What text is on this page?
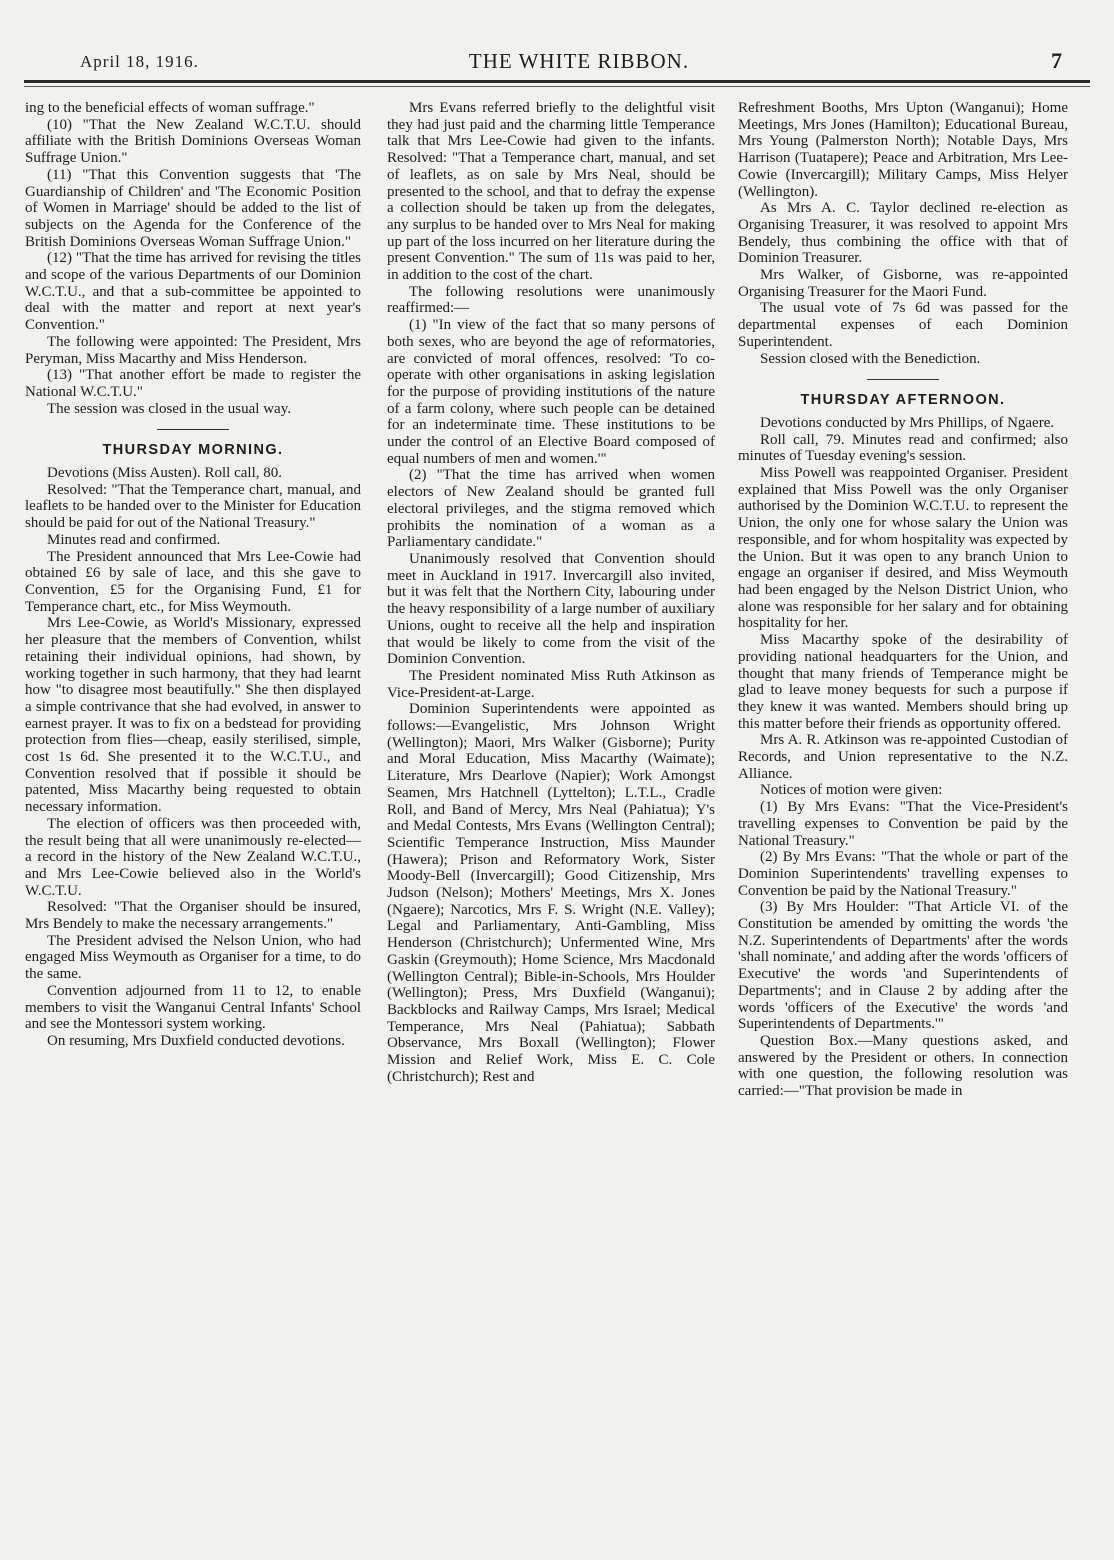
April 18, 1916.	THE WHITE RIBBON.	7

ing to the beneficial effects of woman suffrage."

(10) "That the New Zealand W.C.T.U. should affiliate with the British Dominions Overseas Woman Suffrage Union."

(11) "That this Convention suggests that 'The Guardianship of Children' and 'The Economic Position of Women in Marriage' should be added to the list of subjects on the Agenda for the Conference of the British Dominions Overseas Woman Suffrage Union."

(12) "That the time has arrived for revising the titles and scope of the various Departments of our Dominion W.C.T.U., and that a sub-committee be appointed to deal with the matter and report at next year's Convention."

The following were appointed: The President, Mrs Peryman, Miss Macarthy and Miss Henderson.

(13) "That another effort be made to register the National W.C.T.U."

The session was closed in the usual way.

THURSDAY MORNING.

Devotions (Miss Austen). Roll call, 80.

Resolved: "That the Temperance chart, manual, and leaflets to be handed over to the Minister for Education should be paid for out of the National Treasury."

Minutes read and confirmed.

The President announced that Mrs Lee-Cowie had obtained £6 by sale of lace, and this she gave to Convention, £5 for the Organising Fund, £1 for Temperance chart, etc., for Miss Weymouth.

Mrs Lee-Cowie, as World's Missionary, expressed her pleasure that the members of Convention, whilst retaining their individual opinions, had shown, by working together in such harmony, that they had learnt how "to disagree most beautifully." She then displayed a simple contrivance that she had evolved, in answer to earnest prayer. It was to fix on a bedstead for providing protection from flies—cheap, easily sterilised, simple, cost 1s 6d. She presented it to the W.C.T.U., and Convention resolved that if possible it should be patented, Miss Macarthy being requested to obtain necessary information.

The election of officers was then proceeded with, the result being that all were unanimously re-elected—a record in the history of the New Zealand W.C.T.U., and Mrs Lee-Cowie believed also in the World's W.C.T.U.

Resolved: "That the Organiser should be insured, Mrs Bendely to make the necessary arrangements."

The President advised the Nelson Union, who had engaged Miss Weymouth as Organiser for a time, to do the same.

Convention adjourned from 11 to 12, to enable members to visit the Wanganui Central Infants' School and see the Montessori system working.

On resuming, Mrs Duxfield conducted devotions.

Mrs Evans referred briefly to the delightful visit they had just paid and the charming little Temperance talk that Mrs Lee-Cowie had given to the infants. Resolved: "That a Temperance chart, manual, and set of leaflets, as on sale by Mrs Neal, should be presented to the school, and that to defray the expense a collection should be taken up from the delegates, any surplus to be handed over to Mrs Neal for making up part of the loss incurred on her literature during the present Convention." The sum of 11s was paid to her, in addition to the cost of the chart.

The following resolutions were unanimously reaffirmed:—

(1) "In view of the fact that so many persons of both sexes, who are beyond the age of reformatories, are convicted of moral offences, resolved: 'To co-operate with other organisations in asking legislation for the purpose of providing institutions of the nature of a farm colony, where such people can be detained for an indeterminate time. These institutions to be under the control of an Elective Board composed of equal numbers of men and women.'"

(2) "That the time has arrived when women electors of New Zealand should be granted full electoral privileges, and the stigma removed which prohibits the nomination of a woman as a Parliamentary candidate."

Unanimously resolved that Convention should meet in Auckland in 1917. Invercargill also invited, but it was felt that the Northern City, labouring under the heavy responsibility of a large number of auxiliary Unions, ought to receive all the help and inspiration that would be likely to come from the visit of the Dominion Convention.

The President nominated Miss Ruth Atkinson as Vice-President-at-Large.

Dominion Superintendents were appointed as follows:—Evangelistic, Mrs Johnson Wright (Wellington); Maori, Mrs Walker (Gisborne); Purity and Moral Education, Miss Macarthy (Waimate); Literature, Mrs Dearlove (Napier); Work Amongst Seamen, Mrs Hatchnell (Lyttelton); L.T.L., Cradle Roll, and Band of Mercy, Mrs Neal (Pahiatua); Y's and Medal Contests, Mrs Evans (Wellington Central); Scientific Temperance Instruction, Miss Maunder (Hawera); Prison and Reformatory Work, Sister Moody-Bell (Invercargill); Good Citizenship, Mrs Judson (Nelson); Mothers' Meetings, Mrs X. Jones (Ngaere); Narcotics, Mrs F. S. Wright (N.E. Valley); Legal and Parliamentary, Anti-Gambling, Miss Henderson (Christchurch); Unfermented Wine, Mrs Gaskin (Greymouth); Home Science, Mrs Macdonald (Wellington Central); Bible-in-Schools, Mrs Houlder (Wellington); Press, Mrs Duxfield (Wanganui); Backblocks and Railway Camps, Mrs Israel; Medical Temperance, Mrs Neal (Pahiatua); Sabbath Observance, Mrs Boxall (Wellington); Flower Mission and Relief Work, Miss E. C. Cole (Christchurch); Rest and

Refreshment Booths, Mrs Upton (Wanganui); Home Meetings, Mrs Jones (Hamilton); Educational Bureau, Mrs Young (Palmerston North); Notable Days, Mrs Harrison (Tuatapere); Peace and Arbitration, Mrs Lee-Cowie (Invercargill); Military Camps, Miss Helyer (Wellington).

As Mrs A. C. Taylor declined re-election as Organising Treasurer, it was resolved to appoint Mrs Bendely, thus combining the office with that of Dominion Treasurer.

Mrs Walker, of Gisborne, was re-appointed Organising Treasurer for the Maori Fund.

The usual vote of 7s 6d was passed for the departmental expenses of each Dominion Superintendent.

Session closed with the Benediction.

THURSDAY AFTERNOON.

Devotions conducted by Mrs Phillips, of Ngaere.

Roll call, 79. Minutes read and confirmed; also minutes of Tuesday evening's session.

Miss Powell was reappointed Organiser. President explained that Miss Powell was the only Organiser authorised by the Dominion W.C.T.U. to represent the Union, the only one for whose salary the Union was responsible, and for whom hospitality was expected by the Union. But it was open to any branch Union to engage an organiser if desired, and Miss Weymouth had been engaged by the Nelson District Union, who alone was responsible for her salary and for obtaining hospitality for her.

Miss Macarthy spoke of the desirability of providing national headquarters for the Union, and thought that many friends of Temperance might be glad to leave money bequests for such a purpose if they knew it was wanted. Members should bring up this matter before their friends as opportunity offered.

Mrs A. R. Atkinson was re-appointed Custodian of Records, and Union representative to the N.Z. Alliance.

Notices of motion were given:

(1) By Mrs Evans: "That the Vice-President's travelling expenses to Convention be paid by the National Treasury."

(2) By Mrs Evans: "That the whole or part of the Dominion Superintendents' travelling expenses to Convention be paid by the National Treasury."

(3) By Mrs Houlder: "That Article VI. of the Constitution be amended by omitting the words 'the N.Z. Superintendents of Departments' after the words 'shall nominate,' and adding after the words 'officers of Executive' the words 'and Superintendents of Departments'; and in Clause 2 by adding after the words 'officers of the Executive' the words 'and Superintendents of Departments.'"

Question Box.—Many questions asked, and answered by the President or others. In connection with one question, the following resolution was carried:—"That provision be made in
